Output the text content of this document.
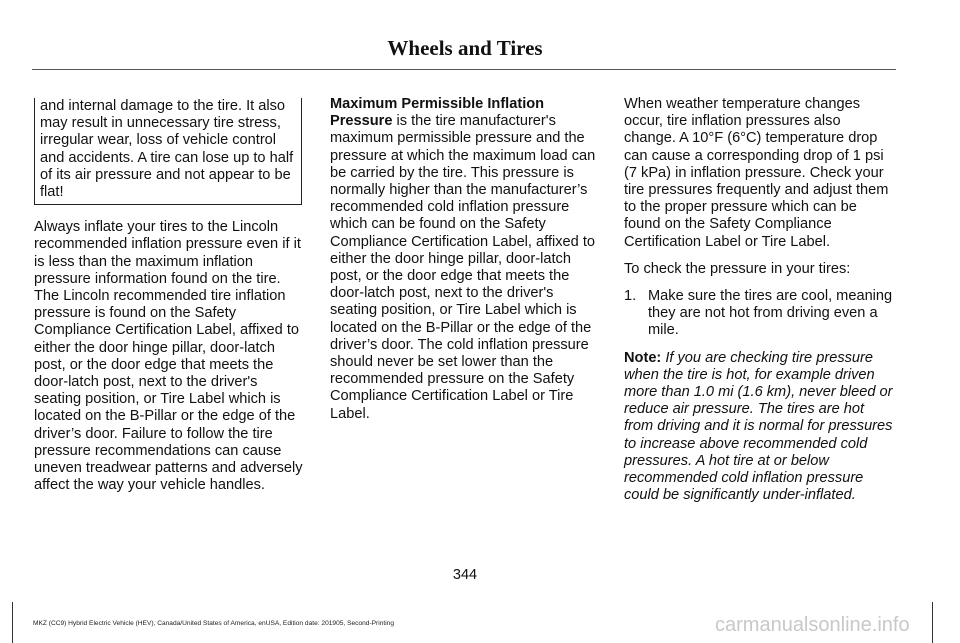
Wheels and Tires
and internal damage to the tire. It also may result in unnecessary tire stress, irregular wear, loss of vehicle control and accidents. A tire can lose up to half of its air pressure and not appear to be flat!

Always inflate your tires to the Lincoln recommended inflation pressure even if it is less than the maximum inflation pressure information found on the tire. The Lincoln recommended tire inflation pressure is found on the Safety Compliance Certification Label, affixed to either the door hinge pillar, door-latch post, or the door edge that meets the door-latch post, next to the driver's seating position, or Tire Label which is located on the B-Pillar or the edge of the driver’s door. Failure to follow the tire pressure recommendations can cause uneven treadwear patterns and adversely affect the way your vehicle handles.

Maximum Permissible Inflation Pressure is the tire manufacturer's maximum permissible pressure and the pressure at which the maximum load can be carried by the tire. This pressure is normally higher than the manufacturer’s recommended cold inflation pressure which can be found on the Safety Compliance Certification Label, affixed to either the door hinge pillar, door-latch post, or the door edge that meets the door-latch post, next to the driver's seating position, or Tire Label which is located on the B-Pillar or the edge of the driver’s door. The cold inflation pressure should never be set lower than the recommended pressure on the Safety Compliance Certification Label or Tire Label.

When weather temperature changes occur, tire inflation pressures also change. A 10°F (6°C) temperature drop can cause a corresponding drop of 1 psi (7 kPa) in inflation pressure. Check your tire pressures frequently and adjust them to the proper pressure which can be found on the Safety Compliance Certification Label or Tire Label.

To check the pressure in your tires:

1. Make sure the tires are cool, meaning they are not hot from driving even a mile.

Note: If you are checking tire pressure when the tire is hot, for example driven more than 1.0 mi (1.6 km), never bleed or reduce air pressure. The tires are hot from driving and it is normal for pressures to increase above recommended cold pressures. A hot tire at or below recommended cold inflation pressure could be significantly under-inflated.

344
MKZ (CC9) Hybrid Electric Vehicle (HEV), Canada/United States of America, enUSA, Edition date: 201905, Second-Printing	carmanualsonline.info
